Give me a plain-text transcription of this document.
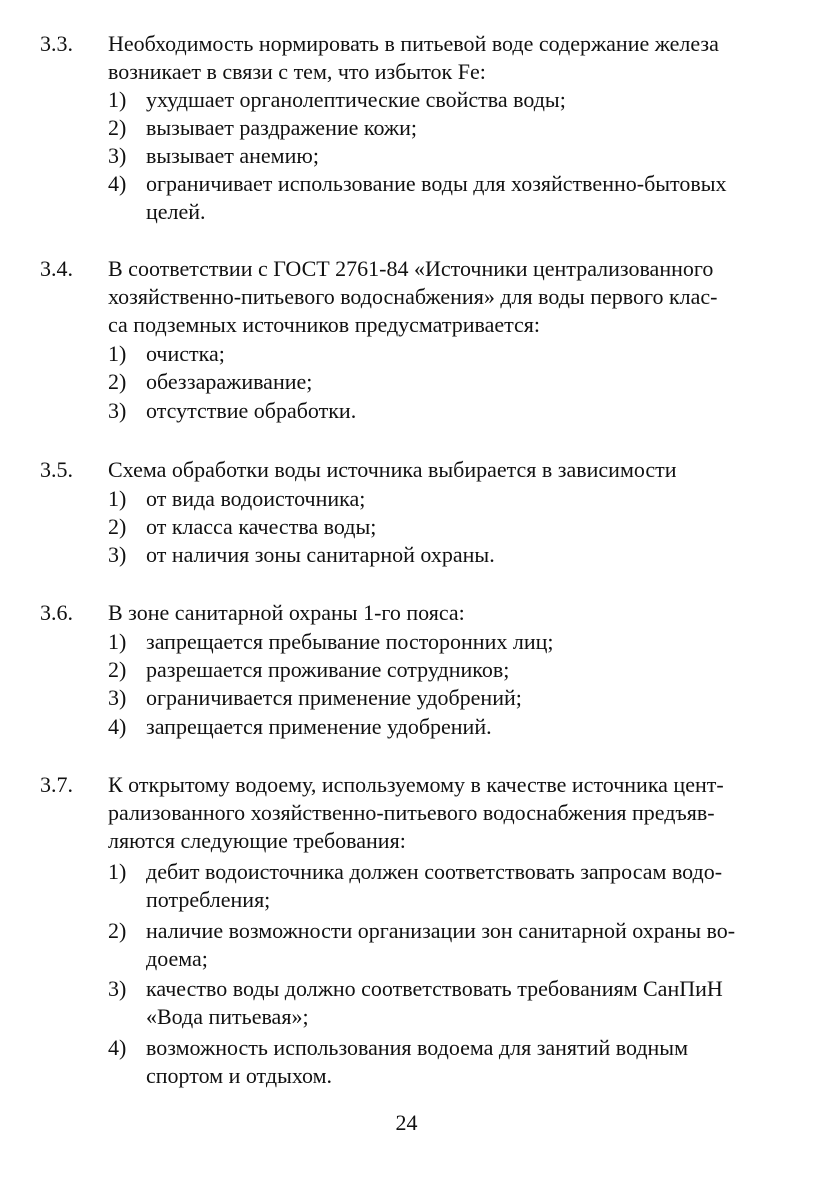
3.3. Необходимость нормировать в питьевой воде содержание железа
возникает в связи с тем, что избыток Fe:
1) ухудшает органолептические свойства воды;
2) вызывает раздражение кожи;
3) вызывает анемию;
4) ограничивает использование воды для хозяйственно-бытовых
целей.
3.4. В соответствии с ГОСТ 2761-84 «Источники централизованного
хозяйственно-питьевого водоснабжения» для воды первого клас-
са подземных источников предусматривается:
1) очистка;
2) обеззараживание;
3) отсутствие обработки.
3.5. Схема обработки воды источника выбирается в зависимости
1) от вида водоисточника;
2) от класса качества воды;
3) от наличия зоны санитарной охраны.
3.6. В зоне санитарной охраны 1-го пояса:
1) запрещается пребывание посторонних лиц;
2) разрешается проживание сотрудников;
3) ограничивается применение удобрений;
4) запрещается применение удобрений.
3.7. К открытому водоему, используемому в качестве источника цент-
рализованного хозяйственно-питьевого водоснабжения предъяв-
ляются следующие требования:
1) дебит водоисточника должен соответствовать запросам водо-
потребления;
2) наличие возможности организации зон санитарной охраны во-
доема;
3) качество воды должно соответствовать требованиям СанПиН
«Вода питьевая»;
4) возможность использования водоема для занятий водным
спортом и отдыхом.
24
